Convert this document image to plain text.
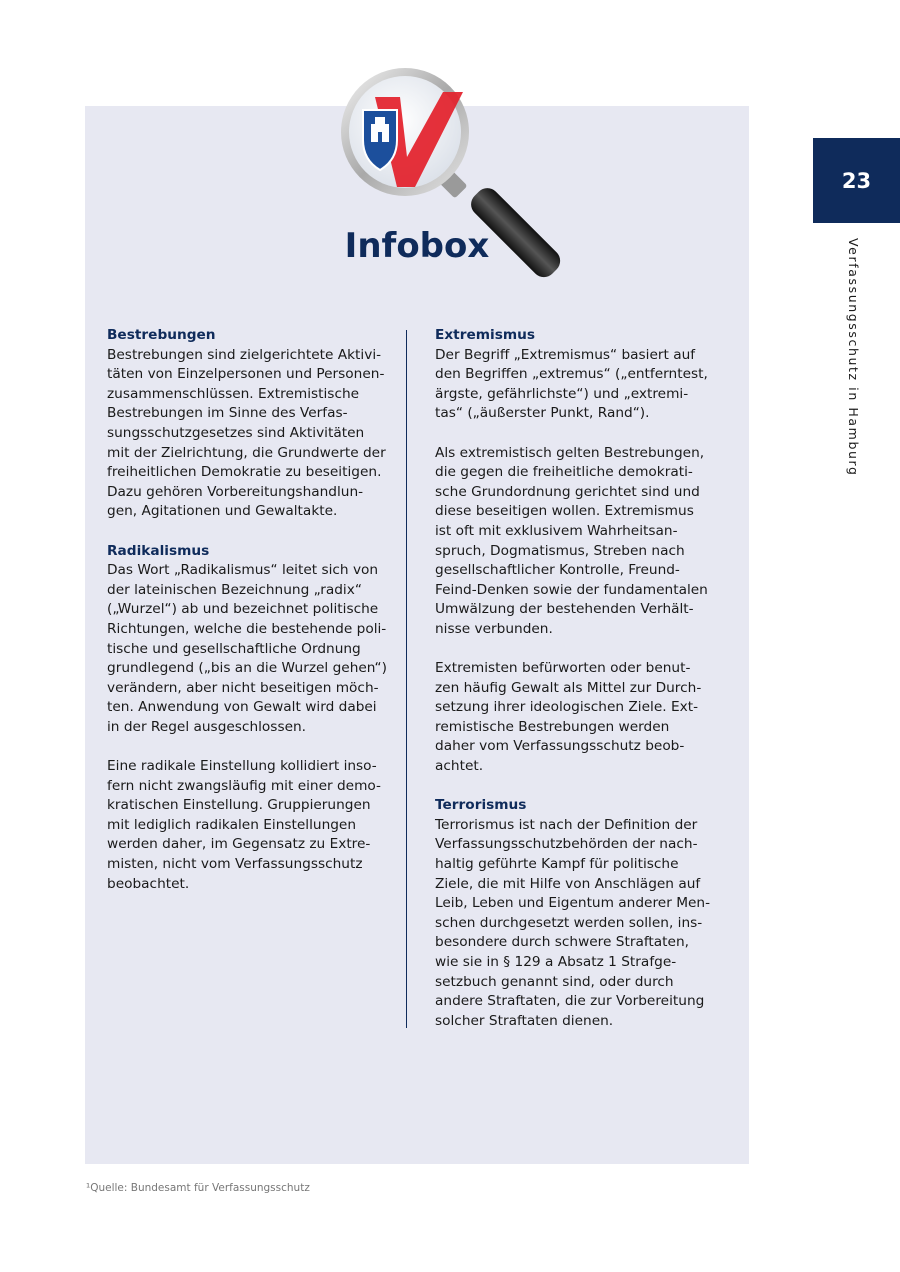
Infobox
Bestrebungen

Bestrebungen sind zielgerichtete Aktivi-
täten von Einzelpersonen und Personen-
zusammenschlüssen. Extremistische
Bestrebungen im Sinne des Verfas-
sungsschutzgesetzes sind Aktivitäten
mit der Zielrichtung, die Grundwerte der
freiheitlichen Demokratie zu beseitigen.
Dazu gehören Vorbereitungshandlun-
gen, Agitationen und Gewaltakte.

Radikalismus

Das Wort „Radikalismus“ leitet sich von
der lateinischen Bezeichnung „radix“
(„Wurzel“) ab und bezeichnet politische
Richtungen, welche die bestehende poli-
tische und gesellschaftliche Ordnung
grundlegend („bis an die Wurzel gehen“)
verändern, aber nicht beseitigen möch-
ten. Anwendung von Gewalt wird dabei
in der Regel ausgeschlossen.

Eine radikale Einstellung kollidiert inso-
fern nicht zwangsläufig mit einer demo-
kratischen Einstellung. Gruppierungen
mit lediglich radikalen Einstellungen
werden daher, im Gegensatz zu Extre-
misten, nicht vom Verfassungsschutz
beobachtet.

Extremismus

Der Begriff „Extremismus“ basiert auf
den Begriffen „extremus“ („entferntest,
ärgste, gefährlichste“) und „extremi-
tas“ („äußerster Punkt, Rand“).

Als extremistisch gelten Bestrebungen,
die gegen die freiheitliche demokrati-
sche Grundordnung gerichtet sind und
diese beseitigen wollen. Extremismus
ist oft mit exklusivem Wahrheitsan-
spruch, Dogmatismus, Streben nach
gesellschaftlicher Kontrolle, Freund-
Feind-Denken sowie der fundamentalen
Umwälzung der bestehenden Verhält-
nisse verbunden.

Extremisten befürworten oder benut-
zen häufig Gewalt als Mittel zur Durch-
setzung ihrer ideologischen Ziele. Ext-
remistische Bestrebungen werden
daher vom Verfassungsschutz beob-
achtet.

Terrorismus

Terrorismus ist nach der Definition der
Verfassungsschutzbehörden der nach-
haltig geführte Kampf für politische
Ziele, die mit Hilfe von Anschlägen auf
Leib, Leben und Eigentum anderer Men-
schen durchgesetzt werden sollen, ins-
besondere durch schwere Straftaten,
wie sie in § 129 a Absatz 1 Strafge-
setzbuch genannt sind, oder durch
andere Straftaten, die zur Vorbereitung
solcher Straftaten dienen.

23
Verfassungsschutz in Hamburg
¹Quelle: Bundesamt für Verfassungsschutz
